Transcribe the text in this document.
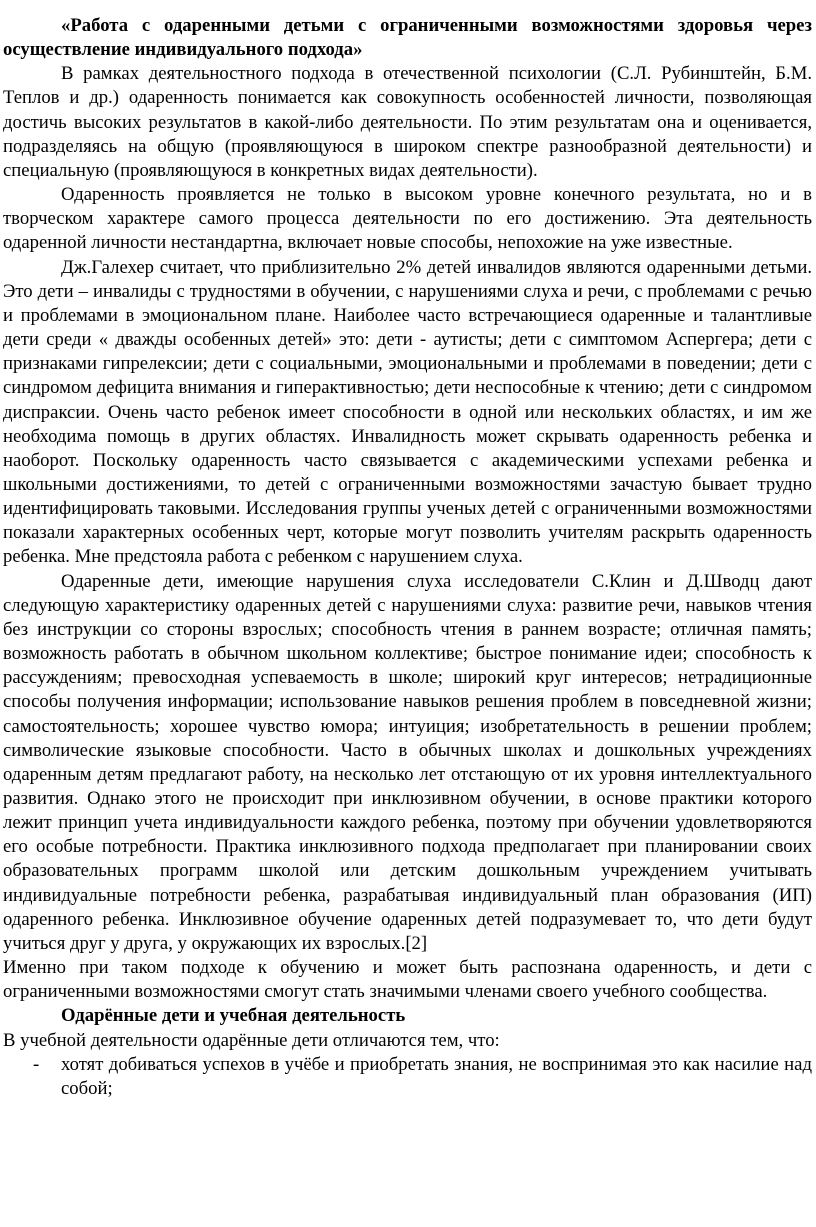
«Работа с одаренными детьми с ограниченными возможностями здоровья через осуществление индивидуального подхода»

В рамках деятельностного подхода в отечественной психологии (С.Л. Рубинштейн, Б.М. Теплов и др.) одаренность понимается как совокупность особенностей личности, позволяющая достичь высоких результатов в какой-либо деятельности. По этим результатам она и оценивается, подразделяясь на общую (проявляющуюся в широком спектре разнообразной деятельности) и специальную (проявляющуюся в конкретных видах деятельности).

Одаренность проявляется не только в высоком уровне конечного результата, но и в творческом характере самого процесса деятельности по его достижению. Эта деятельность одаренной личности нестандартна, включает новые способы, непохожие на уже известные.

Дж.Галехер считает, что приблизительно 2% детей инвалидов являются одаренными детьми. Это дети – инвалиды с трудностями в обучении, с нарушениями слуха и речи, с проблемами с речью и проблемами в эмоциональном плане. Наиболее часто встречающиеся одаренные и талантливые дети среди « дважды особенных детей» это: дети - аутисты; дети с симптомом Аспергера; дети с признаками гипрелексии; дети с социальными, эмоциональными и проблемами в поведении; дети с синдромом дефицита внимания и гиперактивностью; дети неспособные к чтению; дети с синдромом диспраксии. Очень часто ребенок имеет способности в одной или нескольких областях, и им же необходима помощь в других областях. Инвалидность может скрывать одаренность ребенка и наоборот. Поскольку одаренность часто связывается с академическими успехами ребенка и школьными достижениями, то детей с ограниченными возможностями зачастую бывает трудно идентифицировать таковыми. Исследования группы ученых детей с ограниченными возможностями показали характерных особенных черт, которые могут позволить учителям раскрыть одаренность ребенка. Мне предстояла работа с ребенком с нарушением слуха.

Одаренные дети, имеющие нарушения слуха исследователи С.Клин и Д.Шводц дают следующую характеристику одаренных детей с нарушениями слуха: развитие речи, навыков чтения без инструкции со стороны взрослых; способность чтения в раннем возрасте; отличная память; возможность работать в обычном школьном коллективе; быстрое понимание идеи; способность к рассуждениям; превосходная успеваемость в школе; широкий круг интересов; нетрадиционные способы получения информации; использование навыков решения проблем в повседневной жизни; самостоятельность; хорошее чувство юмора; интуиция; изобретательность в решении проблем; символические языковые способности. Часто в обычных школах и дошкольных учреждениях одаренным детям предлагают работу, на несколько лет отстающую от их уровня интеллектуального развития. Однако этого не происходит при инклюзивном обучении, в основе практики которого лежит принцип учета индивидуальности каждого ребенка, поэтому при обучении удовлетворяются его особые потребности. Практика инклюзивного подхода предполагает при планировании своих образовательных программ школой или детским дошкольным учреждением учитывать индивидуальные потребности ребенка, разрабатывая индивидуальный план образования (ИП) одаренного ребенка. Инклюзивное обучение одаренных детей подразумевает то, что дети будут учиться друг у друга, у окружающих их взрослых.[2]

Именно при таком подходе к обучению и может быть распознана одаренность, и дети с ограниченными возможностями смогут стать значимыми членами своего учебного сообщества.

Одарённые дети и учебная деятельность

В учебной деятельности одарённые дети отличаются тем, что:

- хотят добиваться успехов в учёбе и приобретать знания, не воспринимая это как насилие над собой;
